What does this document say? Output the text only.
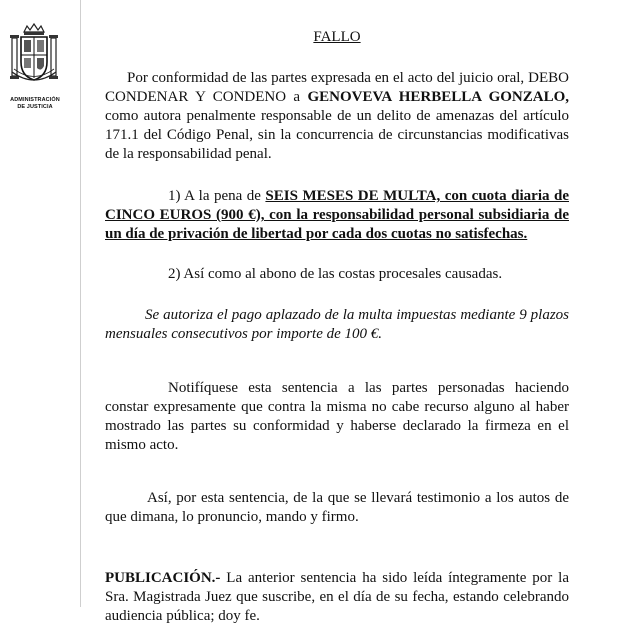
ADMINISTRACIÓN
DE JUSTICIA
FALLO

Por conformidad de las partes expresada en el acto del juicio oral, DEBO CONDENAR Y CONDENO a GENOVEVA HERBELLA GONZALO, como autora penalmente responsable de un delito de amenazas del artículo 171.1 del Código Penal, sin la concurrencia de circunstancias modificativas de la responsabilidad penal.

1) A la pena de SEIS MESES DE MULTA, con cuota diaria de CINCO EUROS (900 €), con la responsabilidad personal subsidiaria de un día de privación de libertad por cada dos cuotas no satisfechas.

2) Así como al abono de las costas procesales causadas.

Se autoriza el pago aplazado de la multa impuestas mediante 9 plazos mensuales consecutivos por importe de 100 €.

Notifíquese esta sentencia a las partes personadas haciendo constar expresamente que contra la misma no cabe recurso alguno al haber mostrado las partes su conformidad y haberse declarado la firmeza en el mismo acto.

Así, por esta sentencia, de la que se llevará testimonio a los autos de que dimana, lo pronuncio, mando y firmo.

PUBLICACIÓN.- La anterior sentencia ha sido leída íntegramente por la Sra. Magistrada Juez que suscribe, en el día de su fecha, estando celebrando audiencia pública; doy fe.
